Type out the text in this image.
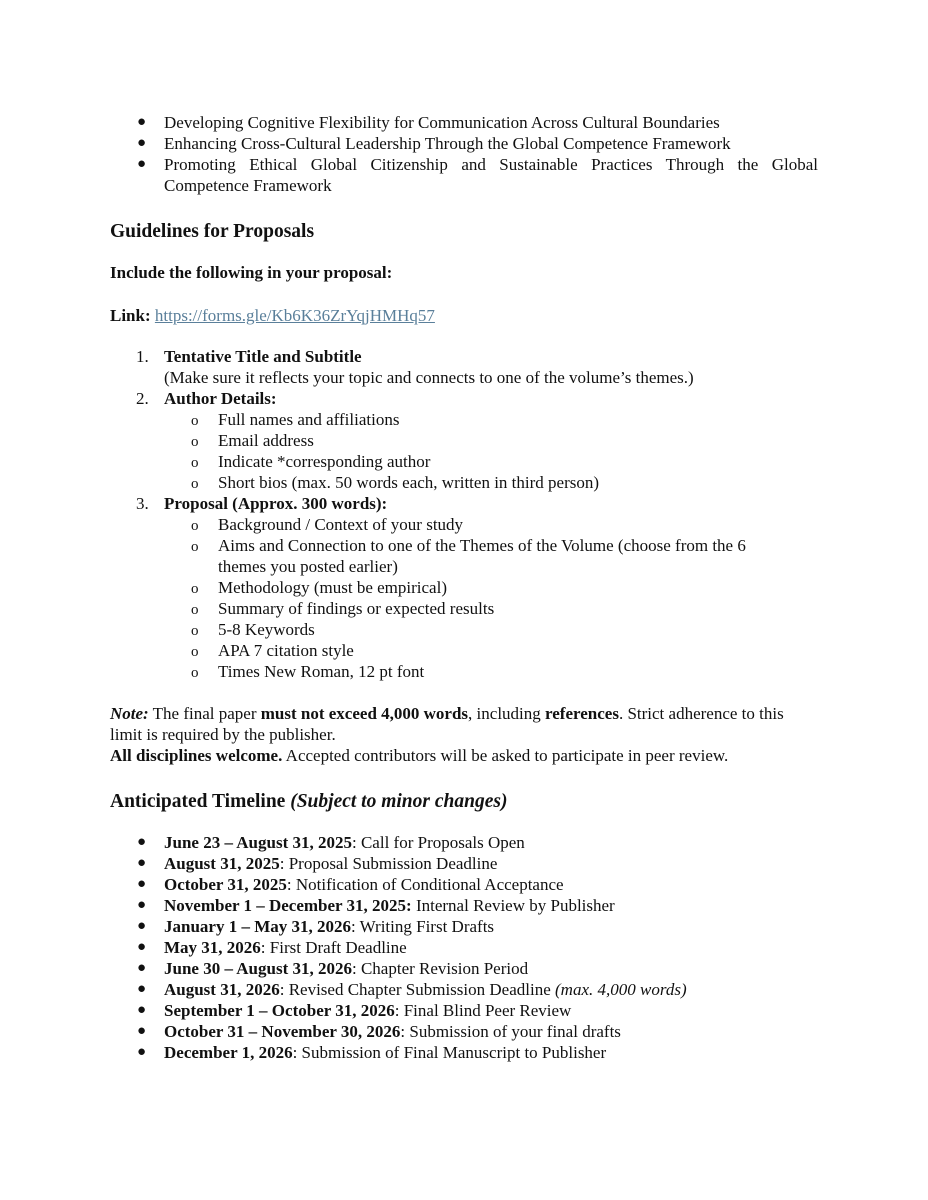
● Developing Cognitive Flexibility for Communication Across Cultural Boundaries
● Enhancing Cross-Cultural Leadership Through the Global Competence Framework
● Promoting Ethical Global Citizenship and Sustainable Practices Through the Global Competence Framework
Guidelines for Proposals
Include the following in your proposal:
Link: https://forms.gle/Kb6K36ZrYqjHMHq57
1. Tentative Title and Subtitle
(Make sure it reflects your topic and connects to one of the volume’s themes.)
2. Author Details:
o Full names and affiliations
o Email address
o Indicate *corresponding author
o Short bios (max. 50 words each, written in third person)
3. Proposal (Approx. 300 words):
o Background / Context of your study
o Aims and Connection to one of the Themes of the Volume (choose from the 6 themes you posted earlier)
o Methodology (must be empirical)
o Summary of findings or expected results
o 5-8 Keywords
o APA 7 citation style
o Times New Roman, 12 pt font
Note: The final paper must not exceed 4,000 words, including references. Strict adherence to this limit is required by the publisher.
All disciplines welcome. Accepted contributors will be asked to participate in peer review.
Anticipated Timeline (Subject to minor changes)
● June 23 – August 31, 2025: Call for Proposals Open
● August 31, 2025: Proposal Submission Deadline
● October 31, 2025: Notification of Conditional Acceptance
● November 1 – December 31, 2025: Internal Review by Publisher
● January 1 – May 31, 2026: Writing First Drafts
● May 31, 2026: First Draft Deadline
● June 30 – August 31, 2026: Chapter Revision Period
● August 31, 2026: Revised Chapter Submission Deadline (max. 4,000 words)
● September 1 – October 31, 2026: Final Blind Peer Review
● October 31 – November 30, 2026: Submission of your final drafts
● December 1, 2026: Submission of Final Manuscript to Publisher
